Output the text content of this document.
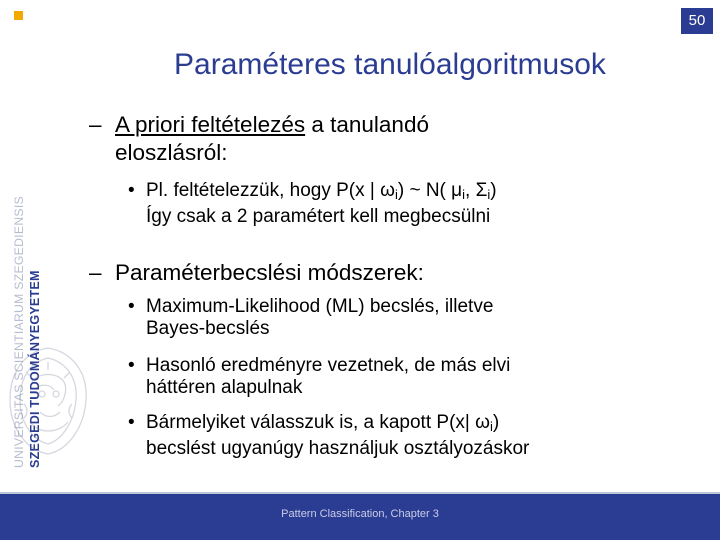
50
SZEGEDI TUDOMÁNYEGYETEM
UNIVERSITAS SCIENTIARUM SZEGEDIENSIS
Paraméteres tanulóalgoritmusok
– A priori feltételezés a tanulandó
eloszlásról:
• Pl. feltételezzük, hogy P(x | $\omega_i$) ~ N( $\mu_i$, $\Sigma_i$)
Így csak a 2 paramétert kell megbecsülni
– Paraméterbecslési módszerek:
• Maximum-Likelihood (ML) becslés, illetve
Bayes-becslés
• Hasonló eredményre vezetnek, de más elvi
háttéren alapulnak
• Bármelyiket válasszuk is, a kapott P(x| $\omega_i$)
becslést ugyanúgy használjuk osztályozáskor
Pattern Classification, Chapter 3
